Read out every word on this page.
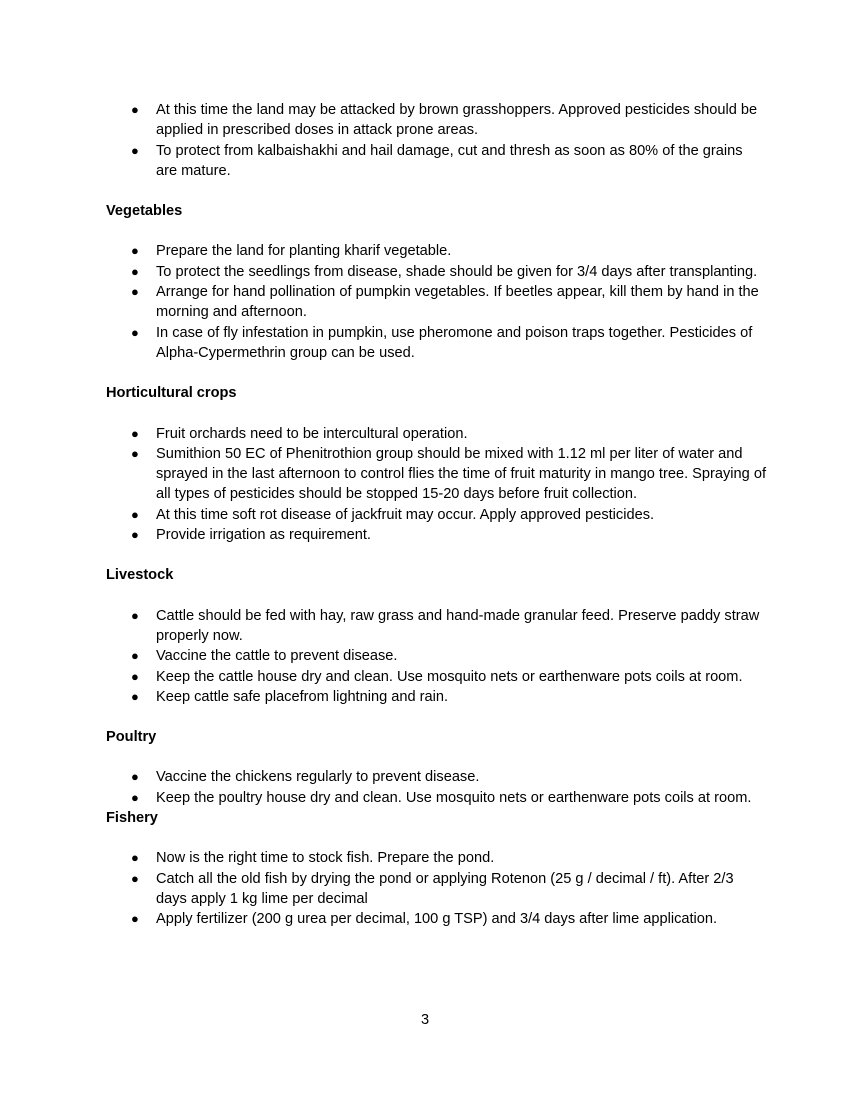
● At this time the land may be attacked by brown grasshoppers. Approved pesticides should be applied in prescribed doses in attack prone areas.
● To protect from kalbaishakhi and hail damage, cut and thresh as soon as 80% of the grains are mature.
Vegetables
● Prepare the land for planting kharif vegetable.
● To protect the seedlings from disease, shade should be given for 3/4 days after transplanting.
● Arrange for hand pollination of pumpkin vegetables. If beetles appear, kill them by hand in the morning and afternoon.
● In case of fly infestation in pumpkin, use pheromone and poison traps together. Pesticides of Alpha-Cypermethrin group can be used.
Horticultural crops
● Fruit orchards need to be intercultural operation.
● Sumithion 50 EC of Phenitrothion group should be mixed with 1.12 ml per liter of water and sprayed in the last afternoon to control flies the time of fruit maturity in mango tree. Spraying of all types of pesticides should be stopped 15-20 days before fruit collection.
● At this time soft rot disease of jackfruit may occur. Apply approved pesticides.
● Provide irrigation as requirement.
Livestock
● Cattle should be fed with hay, raw grass and hand-made granular feed. Preserve paddy straw properly now.
● Vaccine the cattle to prevent disease.
● Keep the cattle house dry and clean. Use mosquito nets or earthenware pots coils at room.
● Keep cattle safe placefrom lightning and rain.
Poultry
● Vaccine the chickens regularly to prevent disease.
● Keep the poultry house dry and clean. Use mosquito nets or earthenware pots coils at room.
Fishery
● Now is the right time to stock fish. Prepare the pond.
● Catch all the old fish by drying the pond or applying Rotenon (25 g / decimal / ft). After 2/3 days apply 1 kg lime per decimal
● Apply fertilizer (200 g urea per decimal, 100 g TSP) and 3/4 days after lime application.
3
